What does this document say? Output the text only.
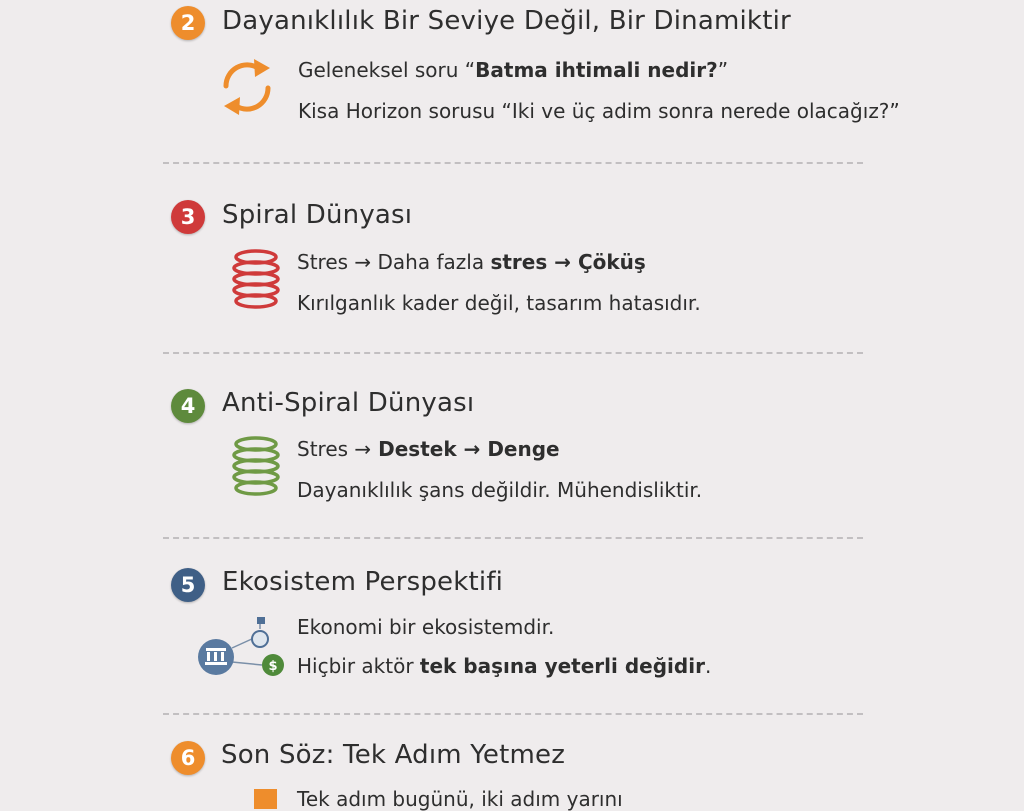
2	Dayanıklılık Bir Seviye Değil, Bir Dinamiktir
Geleneksel soru “Batma ihtimali nedir?”
Kisa Horizon sorusu “Iki ve üç adim sonra nerede olacağız?”
3	Spiral Dünyası
Stres → Daha fazla stres → Çöküş
Kırılganlık kader değil, tasarım hatasıdır.
4	Anti-Spiral Dünyası
Stres → Destek → Denge
Dayanıklılık şans değildir. Mühendisliktir.
5	Ekosistem Perspektifi
$
Ekonomi bir ekosistemdir.
Hiçbir aktör tek başına yeterli değidir.
6 Son Söz: Tek Adım Yetmez
Tek adım bugünü, iki adım yarını
